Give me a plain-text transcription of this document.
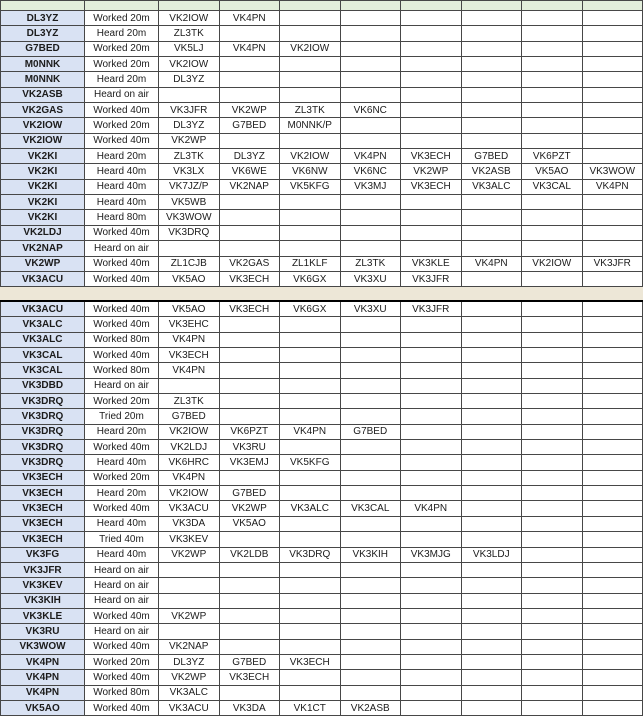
DL3YZ	Worked 20m	VK2IOW	VK4PN						
DL3YZ	Heard 20m	ZL3TK							
G7BED	Worked 20m	VK5LJ	VK4PN	VK2IOW					
M0NNK	Worked 20m	VK2IOW							
M0NNK	Heard 20m	DL3YZ							
VK2ASB	Heard on air								
VK2GAS	Worked 40m	VK3JFR	VK2WP	ZL3TK	VK6NC				
VK2IOW	Worked 20m	DL3YZ	G7BED	M0NNK/P					
VK2IOW	Worked 40m	VK2WP							
VK2KI	Heard 20m	ZL3TK	DL3YZ	VK2IOW	VK4PN	VK3ECH	G7BED	VK6PZT	
VK2KI	Heard 40m	VK3LX	VK6WE	VK6NW	VK6NC	VK2WP	VK2ASB	VK5AO	VK3WOW
VK2KI	Heard 40m	VK7JZ/P	VK2NAP	VK5KFG	VK3MJ	VK3ECH	VK3ALC	VK3CAL	VK4PN
VK2KI	Heard 40m	VK5WB							
VK2KI	Heard 80m	VK3WOW							
VK2LDJ	Worked 40m	VK3DRQ							
VK2NAP	Heard on air								
VK2WP	Worked 40m	ZL1CJB	VK2GAS	ZL1KLF	ZL3TK	VK3KLE	VK4PN	VK2IOW	VK3JFR
VK3ACU	Worked 40m	VK5AO	VK3ECH	VK6GX	VK3XU	VK3JFR			
VK3ACU	Worked 40m	VK5AO	VK3ECH	VK6GX	VK3XU	VK3JFR			
VK3ALC	Worked 40m	VK3EHC							
VK3ALC	Worked 80m	VK4PN							
VK3CAL	Worked 40m	VK3ECH							
VK3CAL	Worked 80m	VK4PN							
VK3DBD	Heard on air								
VK3DRQ	Worked 20m	ZL3TK							
VK3DRQ	Tried 20m	G7BED							
VK3DRQ	Heard 20m	VK2IOW	VK6PZT	VK4PN	G7BED				
VK3DRQ	Worked 40m	VK2LDJ	VK3RU						
VK3DRQ	Heard 40m	VK6HRC	VK3EMJ	VK5KFG					
VK3ECH	Worked 20m	VK4PN							
VK3ECH	Heard 20m	VK2IOW	G7BED						
VK3ECH	Worked 40m	VK3ACU	VK2WP	VK3ALC	VK3CAL	VK4PN			
VK3ECH	Heard 40m	VK3DA	VK5AO						
VK3ECH	Tried 40m	VK3KEV							
VK3FG	Heard 40m	VK2WP	VK2LDB	VK3DRQ	VK3KIH	VK3MJG	VK3LDJ		
VK3JFR	Heard on air								
VK3KEV	Heard on air								
VK3KIH	Heard on air								
VK3KLE	Worked 40m	VK2WP							
VK3RU	Heard on air								
VK3WOW	Worked 40m	VK2NAP							
VK4PN	Worked 20m	DL3YZ	G7BED	VK3ECH					
VK4PN	Worked 40m	VK2WP	VK3ECH						
VK4PN	Worked 80m	VK3ALC							
VK5AO	Worked 40m	VK3ACU	VK3DA	VK1CT	VK2ASB				
